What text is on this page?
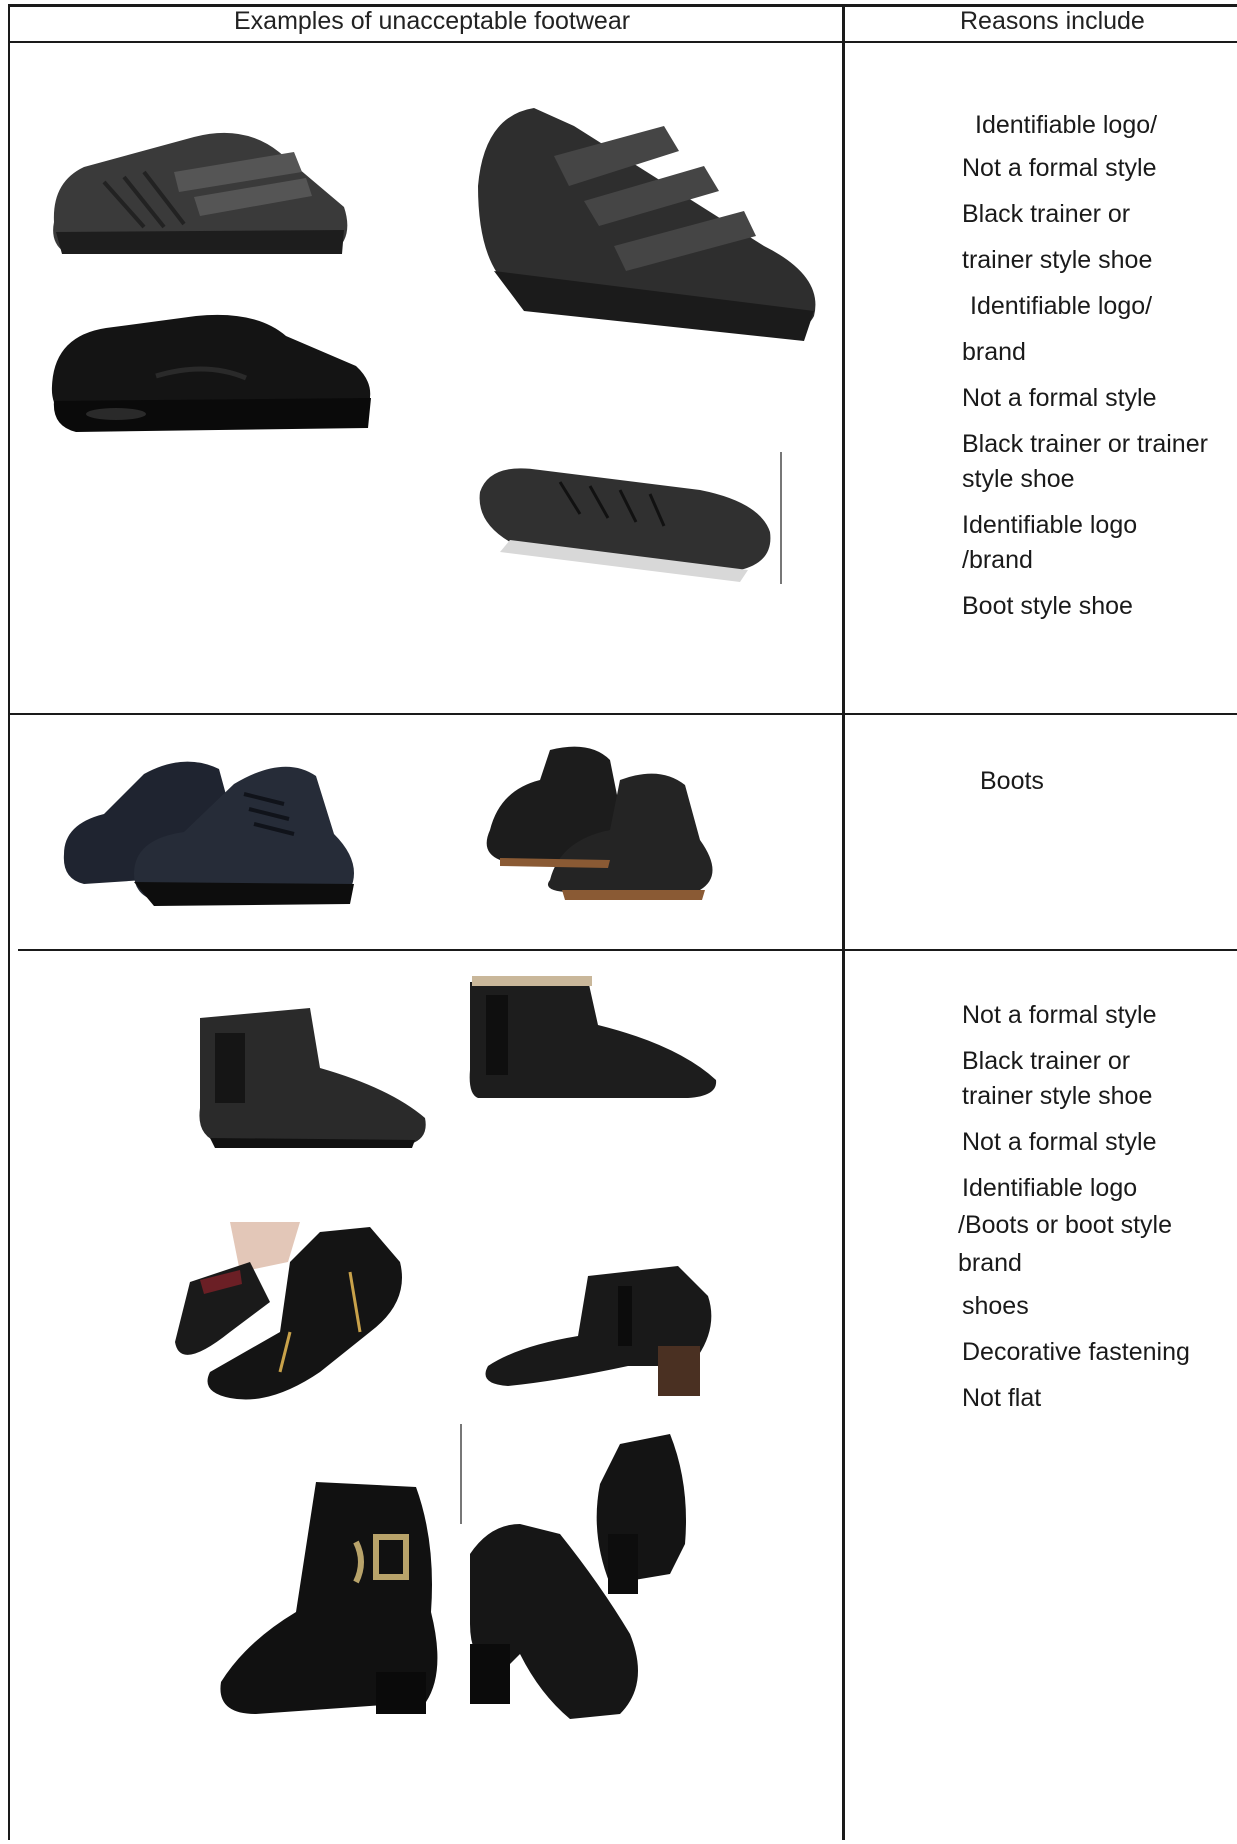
Examples of unacceptable footwear	Reasons include
Identifiable logo/
Not a formal style
Black trainer or
trainer style shoe
Identifiable logo/
brand
Not a formal style
Black trainer or trainer
style shoe
Identifiable logo
/brand
Boot style shoe
Boots
Not a formal style
Black trainer or
trainer style shoe
Not a formal style
Identifiable logo
/Boots or boot style
brand
shoes
Decorative fastening
Not flat
